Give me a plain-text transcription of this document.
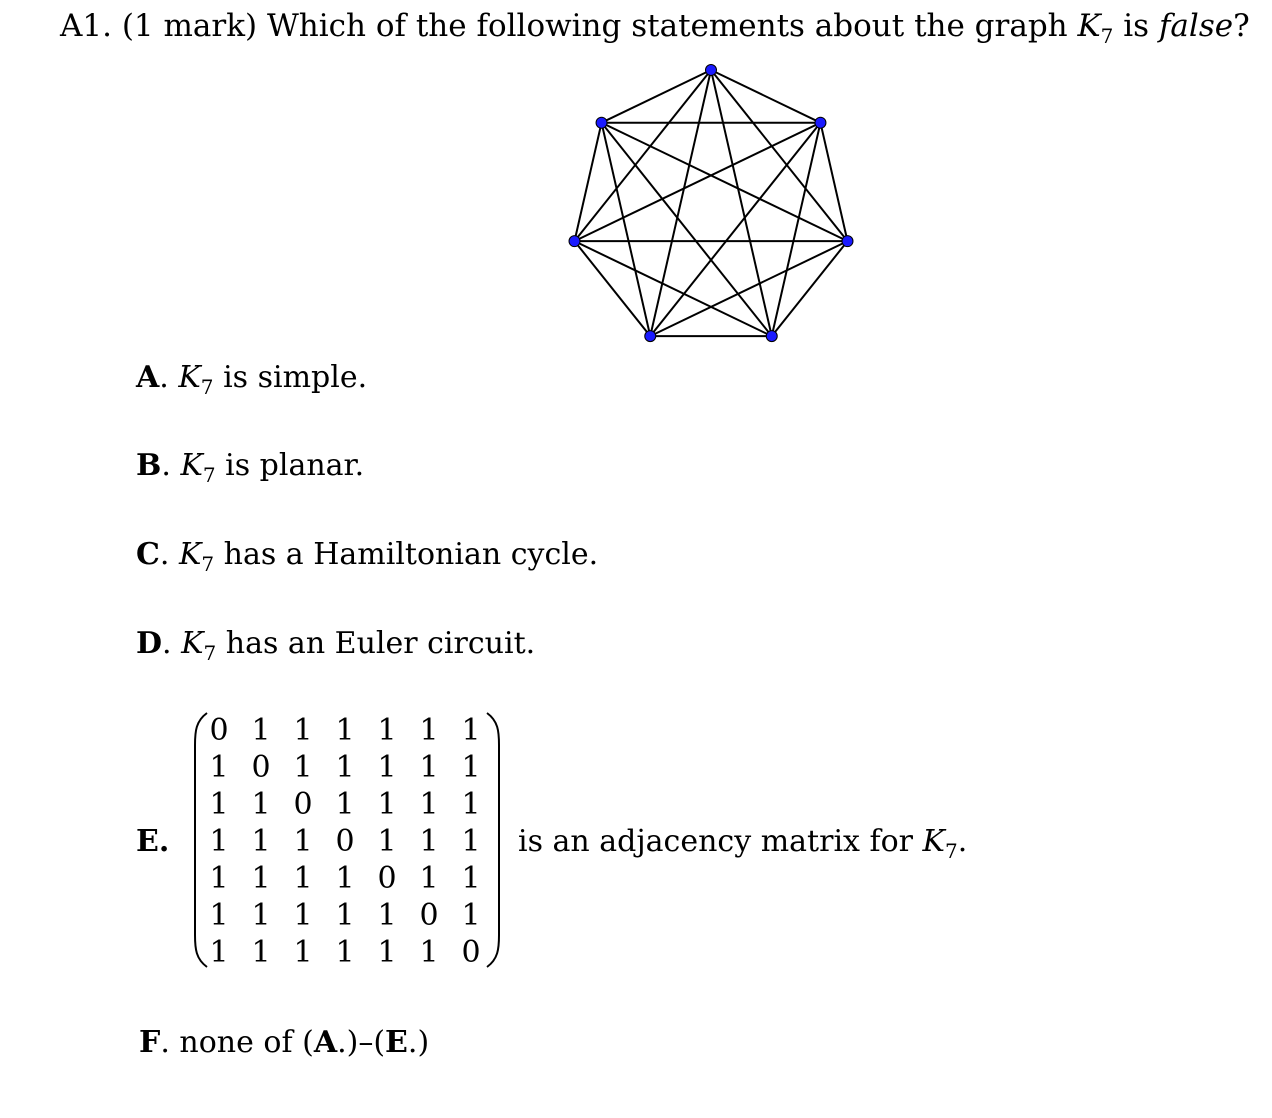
A1. (1 mark) Which of the following statements about the graph $K_7$ is false?
A. $K_7$ is simple.
B. $K_7$ is planar.
C. $K_7$ has a Hamiltonian cycle.
D. $K_7$ has an Euler circuit.
E.
0 1 1 1 1 1 1
1 0 1 1 1 1 1
1 1 0 1 1 1 1
1 1 1 0 1 1 1
1 1 1 1 0 1 1
1 1 1 1 1 0 1
1 1 1 1 1 1 0
is an adjacency matrix for $K_7$.
F. none of (A.)–(E.)
